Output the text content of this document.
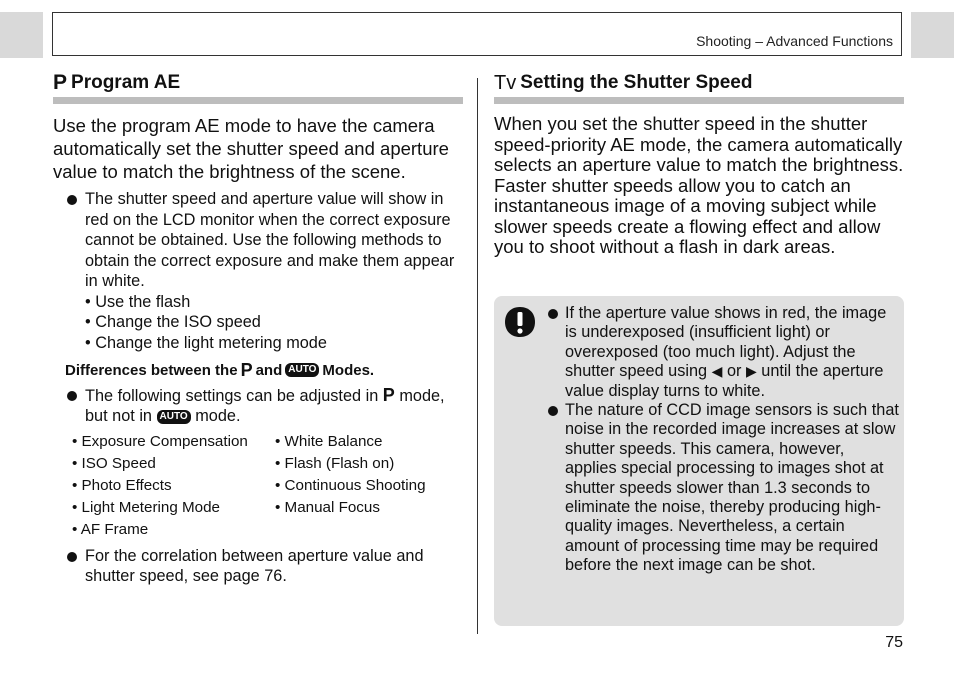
Shooting – Advanced Functions
P Program AE

Use the program AE mode to have the camera automatically set the shutter speed and aperture value to match the brightness of the scene.

The shutter speed and aperture value will show in red on the LCD monitor when the correct exposure cannot be obtained. Use the following methods to obtain the correct exposure and make them appear in white.
• Use the flash
• Change the ISO speed
• Change the light metering mode
Differences between the P and AUTO Modes.
The following settings can be adjusted in P mode, but not in AUTO mode.
• Exposure Compensation	• White Balance
• ISO Speed	• Flash (Flash on)
• Photo Effects	• Continuous Shooting
• Light Metering Mode	• Manual Focus
• AF Frame
For the correlation between aperture value and shutter speed, see page 76.
Tv Setting the Shutter Speed

When you set the shutter speed in the shutter speed-priority AE mode, the camera automatically selects an aperture value to match the brightness.

Faster shutter speeds allow you to catch an instantaneous image of a moving subject while slower speeds create a flowing effect and allow you to shoot without a flash in dark areas.

If the aperture value shows in red, the image is underexposed (insufficient light) or overexposed (too much light). Adjust the shutter speed using ◀ or ▶ until the aperture value display turns to white.
The nature of CCD image sensors is such that noise in the recorded image increases at slow shutter speeds. This camera, however, applies special processing to images shot at shutter speeds slower than 1.3 seconds to eliminate the noise, thereby producing high-quality images. Nevertheless, a certain amount of processing time may be required before the next image can be shot.
75
